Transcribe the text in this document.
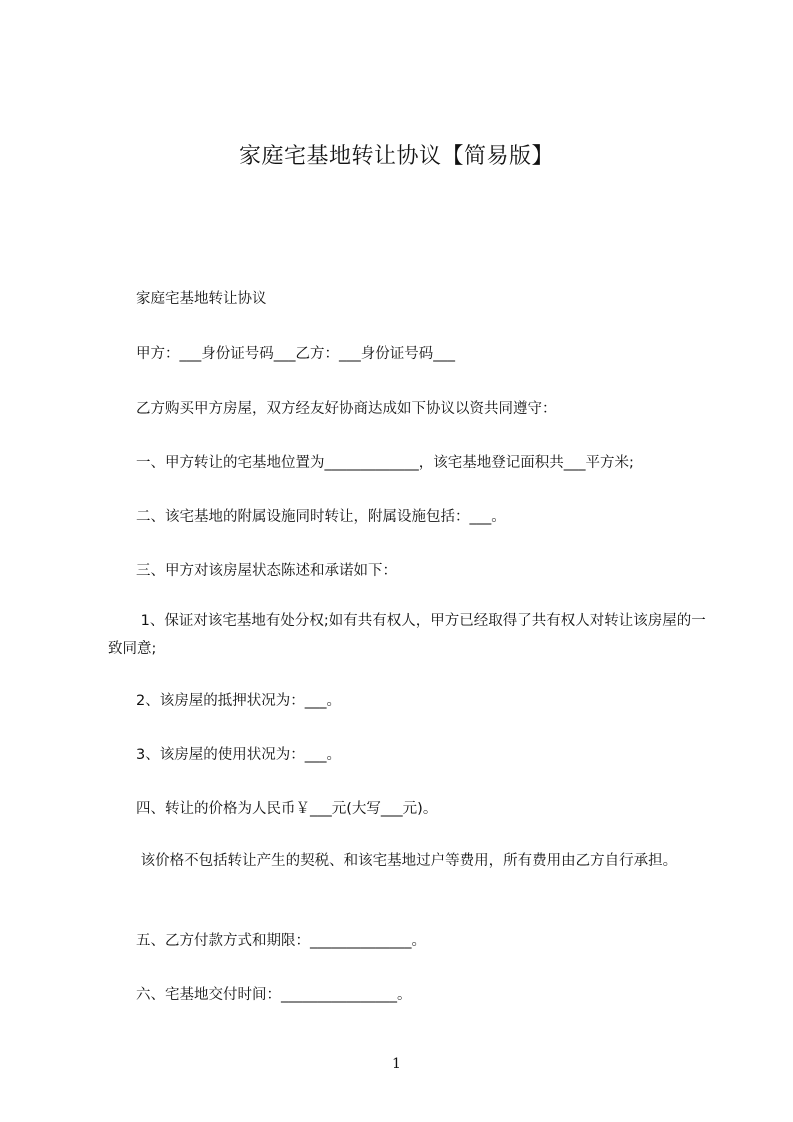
家庭宅基地转让协议【简易版】

家庭宅基地转让协议

甲方：___身份证号码___乙方：___身份证号码___

乙方购买甲方房屋，双方经友好协商达成如下协议以资共同遵守：

一、甲方转让的宅基地位置为_____________，该宅基地登记面积共___平方米;

二、该宅基地的附属设施同时转让，附属设施包括：___。

三、甲方对该房屋状态陈述和承诺如下：

1、保证对该宅基地有处分权;如有共有权人，甲方已经取得了共有权人对转让该房屋的一致同意;

2、该房屋的抵押状况为：___。

3、该房屋的使用状况为：___。

四、转让的价格为人民币￥___元(大写___元)。

该价格不包括转让产生的契税、和该宅基地过户等费用，所有费用由乙方自行承担。

五、乙方付款方式和期限：______________。

六、宅基地交付时间：________________。

1
